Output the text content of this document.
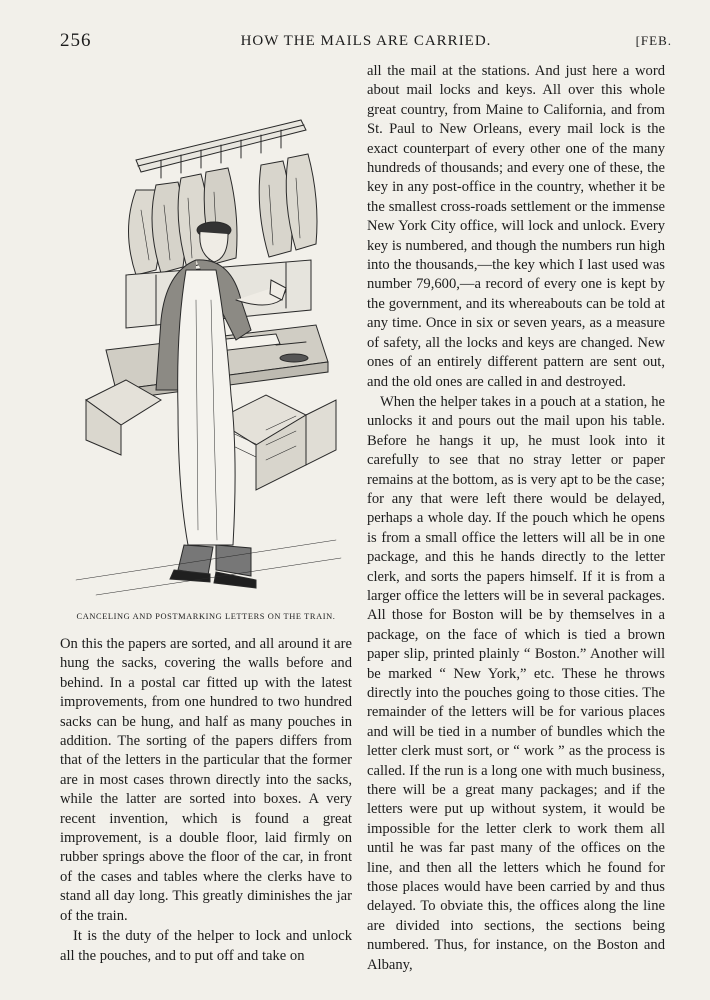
256	HOW THE MAILS ARE CARRIED.	[FEB.
CANCELING AND POSTMARKING LETTERS ON THE TRAIN.

On this the papers are sorted, and all around it are hung the sacks, covering the walls before and behind. In a postal car fitted up with the latest improvements, from one hundred to two hundred sacks can be hung, and half as many pouches in addition. The sorting of the papers differs from that of the letters in the particular that the former are in most cases thrown directly into the sacks, while the latter are sorted into boxes. A very recent invention, which is found a great improvement, is a double floor, laid firmly on rubber springs above the floor of the car, in front of the cases and tables where the clerks have to stand all day long. This greatly diminishes the jar of the train.

It is the duty of the helper to lock and unlock all the pouches, and to put off and take on

all the mail at the stations. And just here a word about mail locks and keys. All over this whole great country, from Maine to California, and from St. Paul to New Orleans, every mail lock is the exact counterpart of every other one of the many hundreds of thousands; and every one of these, the key in any post-office in the country, whether it be the smallest cross-roads settlement or the immense New York City office, will lock and unlock. Every key is numbered, and though the numbers run high into the thousands,—the key which I last used was number 79,600,—a record of every one is kept by the government, and its whereabouts can be told at any time. Once in six or seven years, as a measure of safety, all the locks and keys are changed. New ones of an entirely different pattern are sent out, and the old ones are called in and destroyed.

When the helper takes in a pouch at a station, he unlocks it and pours out the mail upon his table. Before he hangs it up, he must look into it carefully to see that no stray letter or paper remains at the bottom, as is very apt to be the case; for any that were left there would be delayed, perhaps a whole day. If the pouch which he opens is from a small office the letters will all be in one package, and this he hands directly to the letter clerk, and sorts the papers himself. If it is from a larger office the letters will be in several packages. All those for Boston will be by themselves in a package, on the face of which is tied a brown paper slip, printed plainly “ Boston.” Another will be marked “ New York,” etc. These he throws directly into the pouches going to those cities. The remainder of the letters will be for various places and will be tied in a number of bundles which the letter clerk must sort, or “ work ” as the process is called. If the run is a long one with much business, there will be a great many packages; and if the letters were put up without system, it would be impossible for the letter clerk to work them all until he was far past many of the offices on the line, and then all the letters which he found for those places would have been carried by and thus delayed. To obviate this, the offices along the line are divided into sections, the sections being numbered. Thus, for instance, on the Boston and Albany,
